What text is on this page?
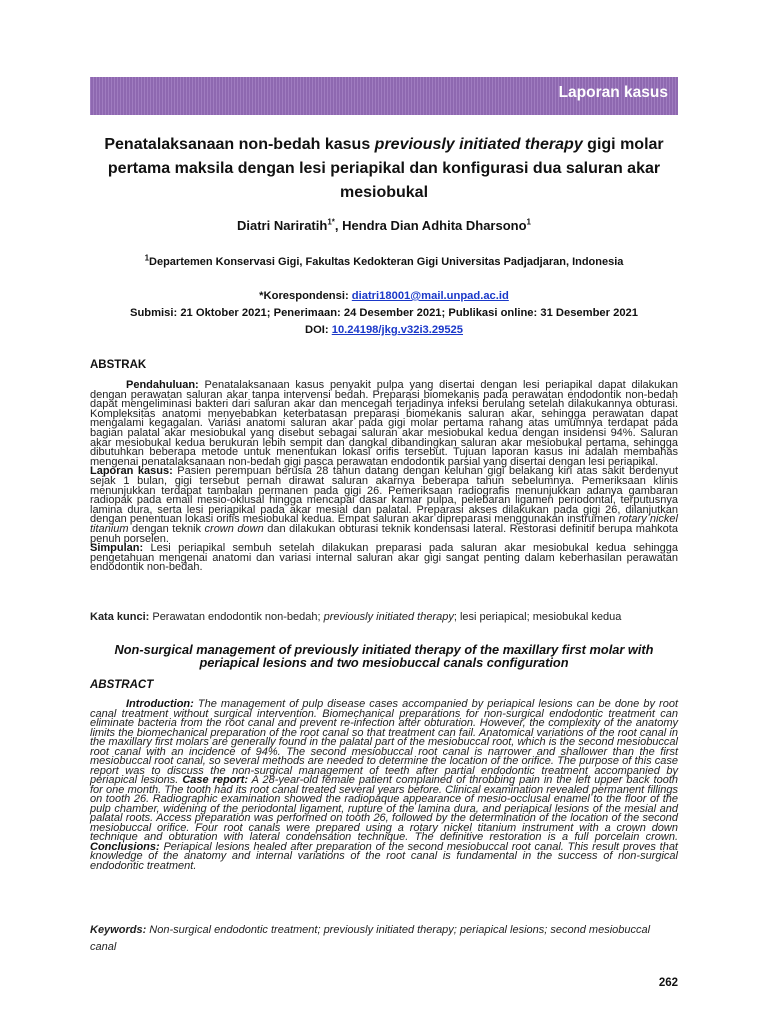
Laporan kasus
Penatalaksanaan non-bedah kasus previously initiated therapy gigi molar pertama maksila dengan lesi periapikal dan konfigurasi dua saluran akar mesiobukal
Diatri Nariratih$^{1*}$, Hendra Dian Adhita Dharsono$^1$
$^1$Departemen Konservasi Gigi, Fakultas Kedokteran Gigi Universitas Padjadjaran, Indonesia
*Korespondensi: diatri18001@mail.unpad.ac.id
Submisi: 21 Oktober 2021; Penerimaan: 24 Desember 2021; Publikasi online: 31 Desember 2021
DOI: 10.24198/jkg.v32i3.29525
ABSTRAK
Pendahuluan: Penatalaksanaan kasus penyakit pulpa yang disertai dengan lesi periapikal dapat dilakukan dengan perawatan saluran akar tanpa intervensi bedah. Preparasi biomekanis pada perawatan endodontik non-bedah dapat mengeliminasi bakteri dari saluran akar dan mencegah terjadinya infeksi berulang setelah dilakukannya obturasi. Kompleksitas anatomi menyebabkan keterbatasan preparasi biomekanis saluran akar, sehingga perawatan dapat mengalami kegagalan. Variasi anatomi saluran akar pada gigi molar pertama rahang atas umumnya terdapat pada bagian palatal akar mesiobukal yang disebut sebagai saluran akar mesiobukal kedua dengan insidensi 94%. Saluran akar mesiobukal kedua berukuran lebih sempit dan dangkal dibandingkan saluran akar mesiobukal pertama, sehingga dibutuhkan beberapa metode untuk menentukan lokasi orifis tersebut. Tujuan laporan kasus ini adalah membahas mengenai penatalaksanaan non-bedah gigi pasca perawatan endodontik parsial yang disertai dengan lesi periapikal.
Laporan kasus: Pasien perempuan berusia 28 tahun datang dengan keluhan gigi belakang kiri atas sakit berdenyut sejak 1 bulan, gigi tersebut pernah dirawat saluran akarnya beberapa tahun sebelumnya. Pemeriksaan klinis menunjukkan terdapat tambalan permanen pada gigi 26. Pemeriksaan radiografis menunjukkan adanya gambaran radiopak pada email mesio-oklusal hingga mencapai dasar kamar pulpa, pelebaran ligamen periodontal, terputusnya lamina dura, serta lesi periapikal pada akar mesial dan palatal. Preparasi akses dilakukan pada gigi 26, dilanjutkan dengan penentuan lokasi orifis mesiobukal kedua. Empat saluran akar dipreparasi menggunakan instrumen rotary nickel titanium dengan teknik crown down dan dilakukan obturasi teknik kondensasi lateral. Restorasi definitif berupa mahkota penuh porselen.
Simpulan: Lesi periapikal sembuh setelah dilakukan preparasi pada saluran akar mesiobukal kedua sehingga pengetahuan mengenai anatomi dan variasi internal saluran akar gigi sangat penting dalam keberhasilan perawatan endodontik non-bedah.
Kata kunci: Perawatan endodontik non-bedah; previously initiated therapy; lesi periapical; mesiobukal kedua
Non-surgical management of previously initiated therapy of the maxillary first molar with periapical lesions and two mesiobuccal canals configuration
ABSTRACT
Introduction: The management of pulp disease cases accompanied by periapical lesions can be done by root canal treatment without surgical intervention. Biomechanical preparations for non-surgical endodontic treatment can eliminate bacteria from the root canal and prevent re-infection after obturation. However, the complexity of the anatomy limits the biomechanical preparation of the root canal so that treatment can fail. Anatomical variations of the root canal in the maxillary first molars are generally found in the palatal part of the mesiobuccal root, which is the second mesiobuccal root canal with an incidence of 94%. The second mesiobuccal root canal is narrower and shallower than the first mesiobuccal root canal, so several methods are needed to determine the location of the orifice. The purpose of this case report was to discuss the non-surgical management of teeth after partial endodontic treatment accompanied by periapical lesions. Case report: A 28-year-old female patient complained of throbbing pain in the left upper back tooth for one month. The tooth had its root canal treated several years before. Clinical examination revealed permanent fillings on tooth 26. Radiographic examination showed the radiopaque appearance of mesio-occlusal enamel to the floor of the pulp chamber, widening of the periodontal ligament, rupture of the lamina dura, and periapical lesions of the mesial and palatal roots. Access preparation was performed on tooth 26, followed by the determination of the location of the second mesiobuccal orifice. Four root canals were prepared using a rotary nickel titanium instrument with a crown down technique and obturation with lateral condensation technique. The definitive restoration is a full porcelain crown. Conclusions: Periapical lesions healed after preparation of the second mesiobuccal root canal. This result proves that knowledge of the anatomy and internal variations of the root canal is fundamental in the success of non-surgical endodontic treatment.
Keywords: Non-surgical endodontic treatment; previously initiated therapy; periapical lesions; second mesiobuccal canal
262
